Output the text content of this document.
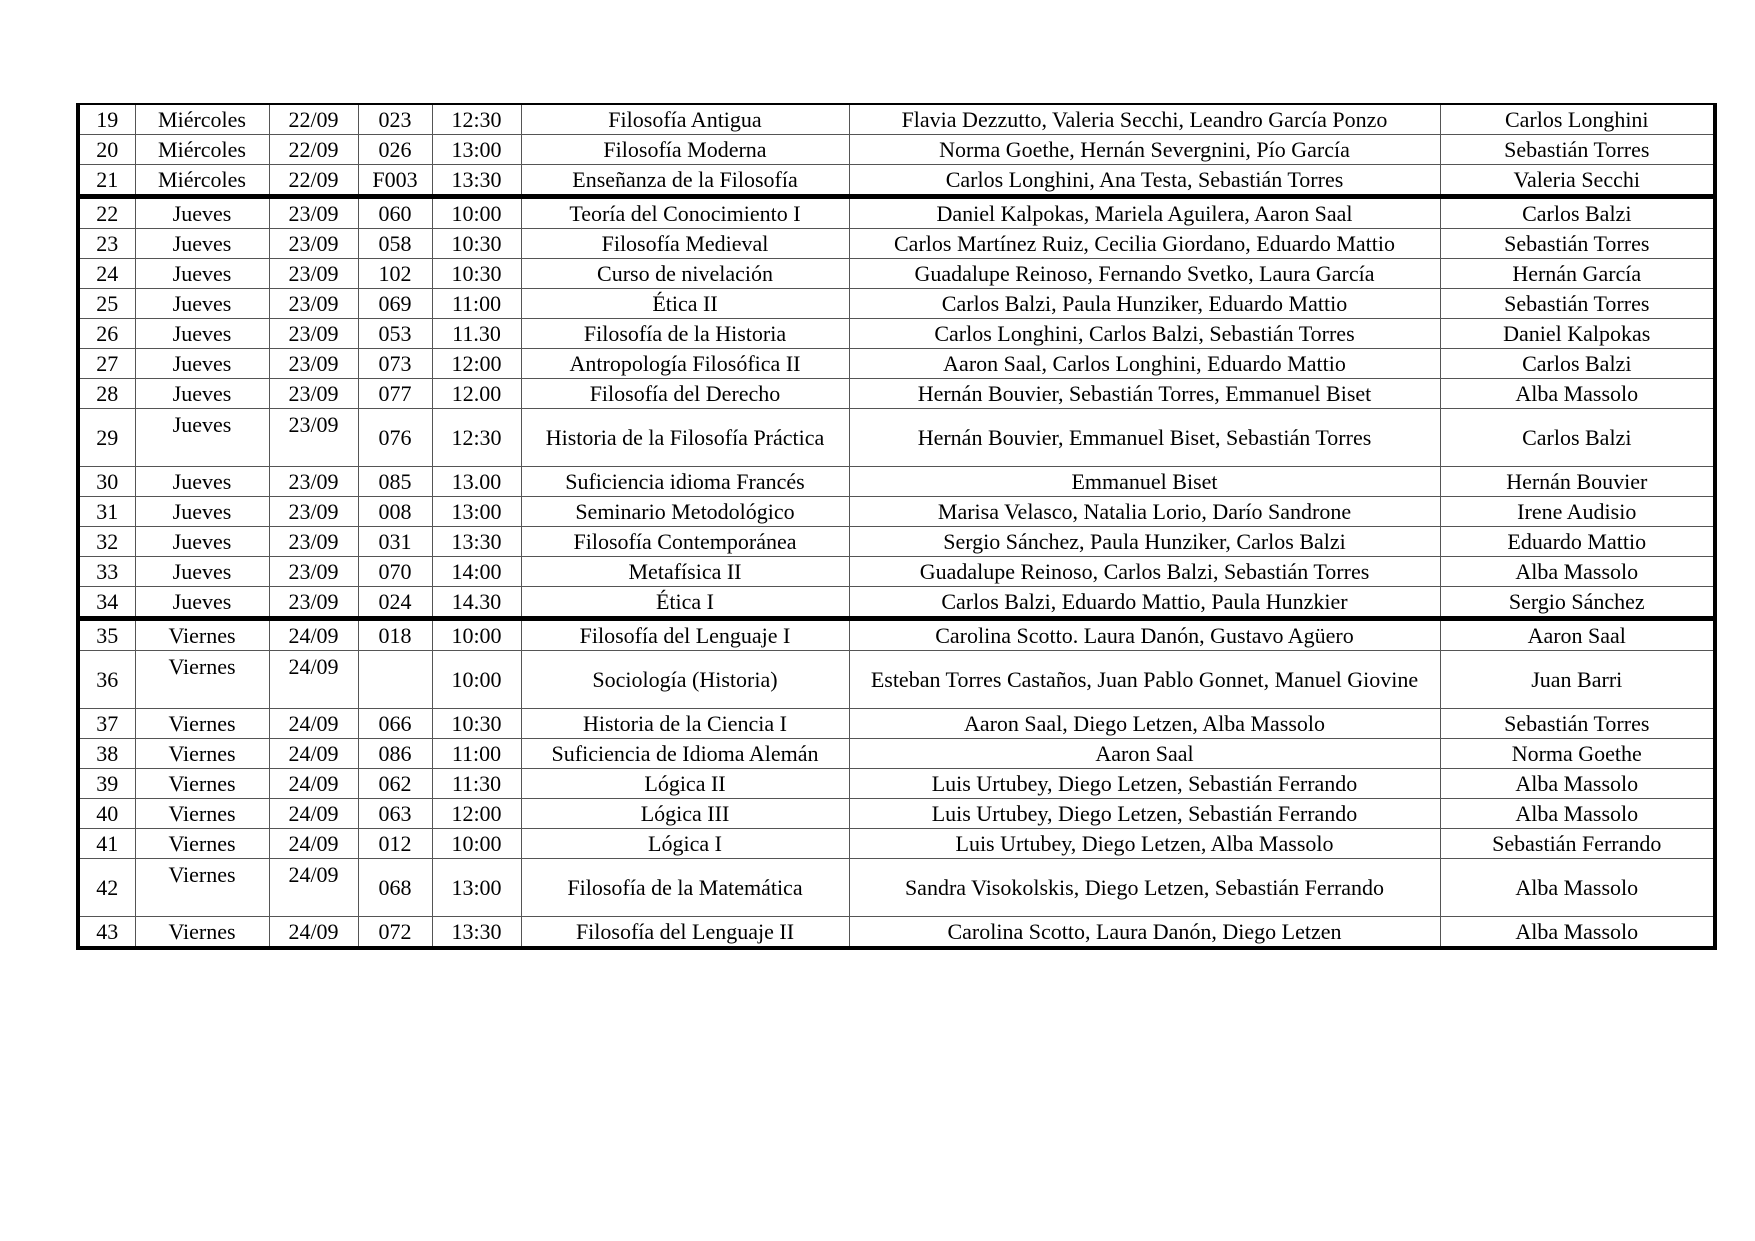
19	Miércoles	22/09	023	12:30	Filosofía Antigua	Flavia Dezzutto, Valeria Secchi, Leandro García Ponzo	Carlos Longhini
20	Miércoles	22/09	026	13:00	Filosofía Moderna	Norma Goethe, Hernán Severgnini, Pío García	Sebastián Torres
21	Miércoles	22/09	F003	13:30	Enseñanza de la Filosofía	Carlos Longhini, Ana Testa, Sebastián Torres	Valeria Secchi
22	Jueves	23/09	060	10:00	Teoría del Conocimiento I	Daniel Kalpokas, Mariela Aguilera, Aaron Saal	Carlos Balzi
23	Jueves	23/09	058	10:30	Filosofía Medieval	Carlos Martínez Ruiz, Cecilia Giordano, Eduardo Mattio	Sebastián Torres
24	Jueves	23/09	102	10:30	Curso de nivelación	Guadalupe Reinoso, Fernando Svetko, Laura García	Hernán García
25	Jueves	23/09	069	11:00	Ética II	Carlos Balzi, Paula Hunziker, Eduardo Mattio	Sebastián Torres
26	Jueves	23/09	053	11.30	Filosofía de la Historia	Carlos Longhini, Carlos Balzi, Sebastián Torres	Daniel Kalpokas
27	Jueves	23/09	073	12:00	Antropología Filosófica II	Aaron Saal, Carlos Longhini, Eduardo Mattio	Carlos Balzi
28	Jueves	23/09	077	12.00	Filosofía del Derecho	Hernán Bouvier, Sebastián Torres, Emmanuel Biset	Alba Massolo
29	Jueves	23/09	076	12:30	Historia de la Filosofía Práctica	Hernán Bouvier, Emmanuel Biset, Sebastián Torres	Carlos Balzi
30	Jueves	23/09	085	13.00	Suficiencia idioma Francés	Emmanuel Biset	Hernán Bouvier
31	Jueves	23/09	008	13:00	Seminario Metodológico	Marisa Velasco, Natalia Lorio, Darío Sandrone	Irene Audisio
32	Jueves	23/09	031	13:30	Filosofía Contemporánea	Sergio Sánchez, Paula Hunziker, Carlos Balzi	Eduardo Mattio
33	Jueves	23/09	070	14:00	Metafísica II	Guadalupe Reinoso, Carlos Balzi, Sebastián Torres	Alba Massolo
34	Jueves	23/09	024	14.30	Ética I	Carlos Balzi, Eduardo Mattio, Paula Hunzkier	Sergio Sánchez
35	Viernes	24/09	018	10:00	Filosofía del Lenguaje I	Carolina Scotto. Laura Danón, Gustavo Agüero	Aaron Saal
36	Viernes	24/09		10:00	Sociología (Historia)	Esteban Torres Castaños, Juan Pablo Gonnet, Manuel Giovine	Juan Barri
37	Viernes	24/09	066	10:30	Historia de la Ciencia I	Aaron Saal, Diego Letzen, Alba Massolo	Sebastián Torres
38	Viernes	24/09	086	11:00	Suficiencia de Idioma Alemán	Aaron Saal	Norma Goethe
39	Viernes	24/09	062	11:30	Lógica II	Luis Urtubey, Diego Letzen, Sebastián Ferrando	Alba Massolo
40	Viernes	24/09	063	12:00	Lógica III	Luis Urtubey, Diego Letzen, Sebastián Ferrando	Alba Massolo
41	Viernes	24/09	012	10:00	Lógica I	Luis Urtubey, Diego Letzen, Alba Massolo	Sebastián Ferrando
42	Viernes	24/09	068	13:00	Filosofía de la Matemática	Sandra Visokolskis, Diego Letzen, Sebastián Ferrando	Alba Massolo
43	Viernes	24/09	072	13:30	Filosofía del Lenguaje II	Carolina Scotto, Laura Danón, Diego Letzen	Alba Massolo
